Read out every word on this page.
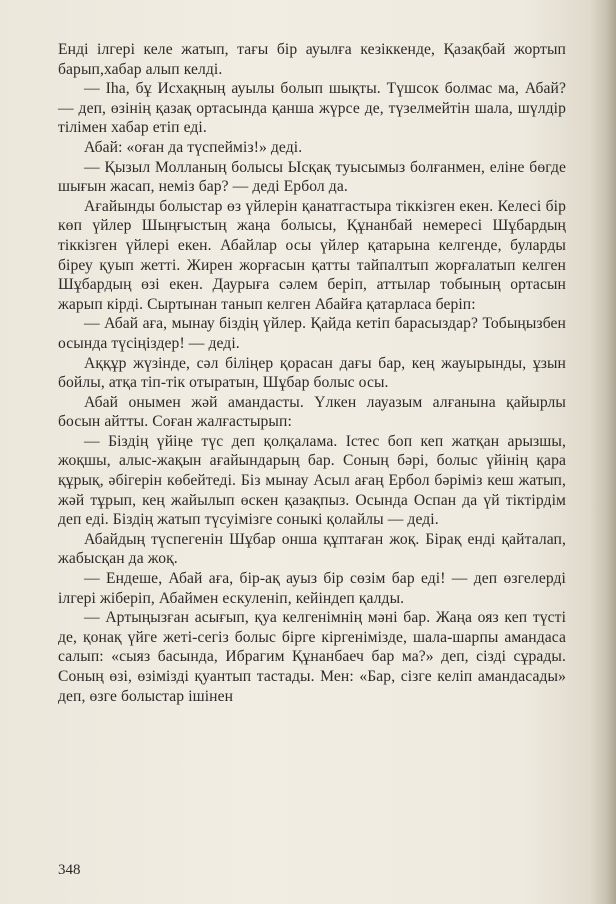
Енді ілгері келе жатып, тағы бір ауылға кезіккенде, Қазақбай жортып барып,хабар алып келді.

— Іһа, бұ Исхақның ауылы болып шықты. Түшсок болмас ма, Абай? — деп, өзінің қазақ ортасында қанша жүрсе де, түзелмейтін шала, шүлдір тілімен хабар етіп еді.

Абай: «оған да түспейміз!» деді.

— Қызыл Молланың болысы Ысқақ туысымыз болғанмен, еліне бөгде шығын жасап, неміз бар? — деді Ербол да.

Ағайынды болыстар өз үйлерін қанатгастыра тіккізген екен. Келесі бір көп үйлер Шыңғыстың жаңа болысы, Құнанбай немересі Шұбардың тіккізген үйлері екен. Абайлар осы үйлер қатарына келгенде, буларды біреу қуып жетті. Жирен жорғасын қатты тайпалтып жорғалатып келген Шұбардың өзі екен. Даурыға сәлем беріп, аттылар тобының ортасын жарып кірді. Сыртынан танып келген Абайға қатарласа беріп:

— Абай аға, мынау біздің үйлер. Қайда кетіп барасыздар? Тобыңызбен осында түсіңіздер! — деді.

Аққұр жүзінде, сәл біліңер қорасан дағы бар, кең жауырынды, ұзын бойлы, атқа тіп-тік отыратын, Шұбар болыс осы.

Абай онымен жәй амандасты. Үлкен лауазым алғанына қайырлы босын айтты. Соған жалғастырып:

— Біздің үйіңе түс деп қолқалама. Істес боп кеп жатқан арызшы, жоқшы, алыс-жақын ағайындарың бар. Соның бәрі, болыс үйінің қара құрық, әбігерін көбейтеді. Біз мынау Асыл ағаң Ербол бәріміз кеш жатып, жәй тұрып, кең жайылып өскен қазақпыз. Осында Оспан да үй тіктірдім деп еді. Біздің жатып түсуімізге соныкі қолайлы — деді.

Абайдың түспегенін Шұбар онша құптаған жоқ. Бірақ енді қайталап, жабысқан да жоқ.

— Ендеше, Абай аға, бір-ақ ауыз бір сөзім бар еді! — деп өзгелерді ілгері жіберіп, Абаймен ескуленіп, кейіндеп қалды.

— Артыңызған асығып, қуа келгенімнің мәні бар. Жаңа ояз кеп түсті де, қонақ үйге жеті-сегіз болыс бірге кіргенімізде, шала-шарпы амандаса салып: «сыяз басында, Ибрагим Құнанбаеч бар ма?» деп, сізді сұрады. Соның өзі, өзімізді қуантып тастады. Мен: «Бар, сізге келіп амандасады» деп, өзге болыстар ішінен

348
